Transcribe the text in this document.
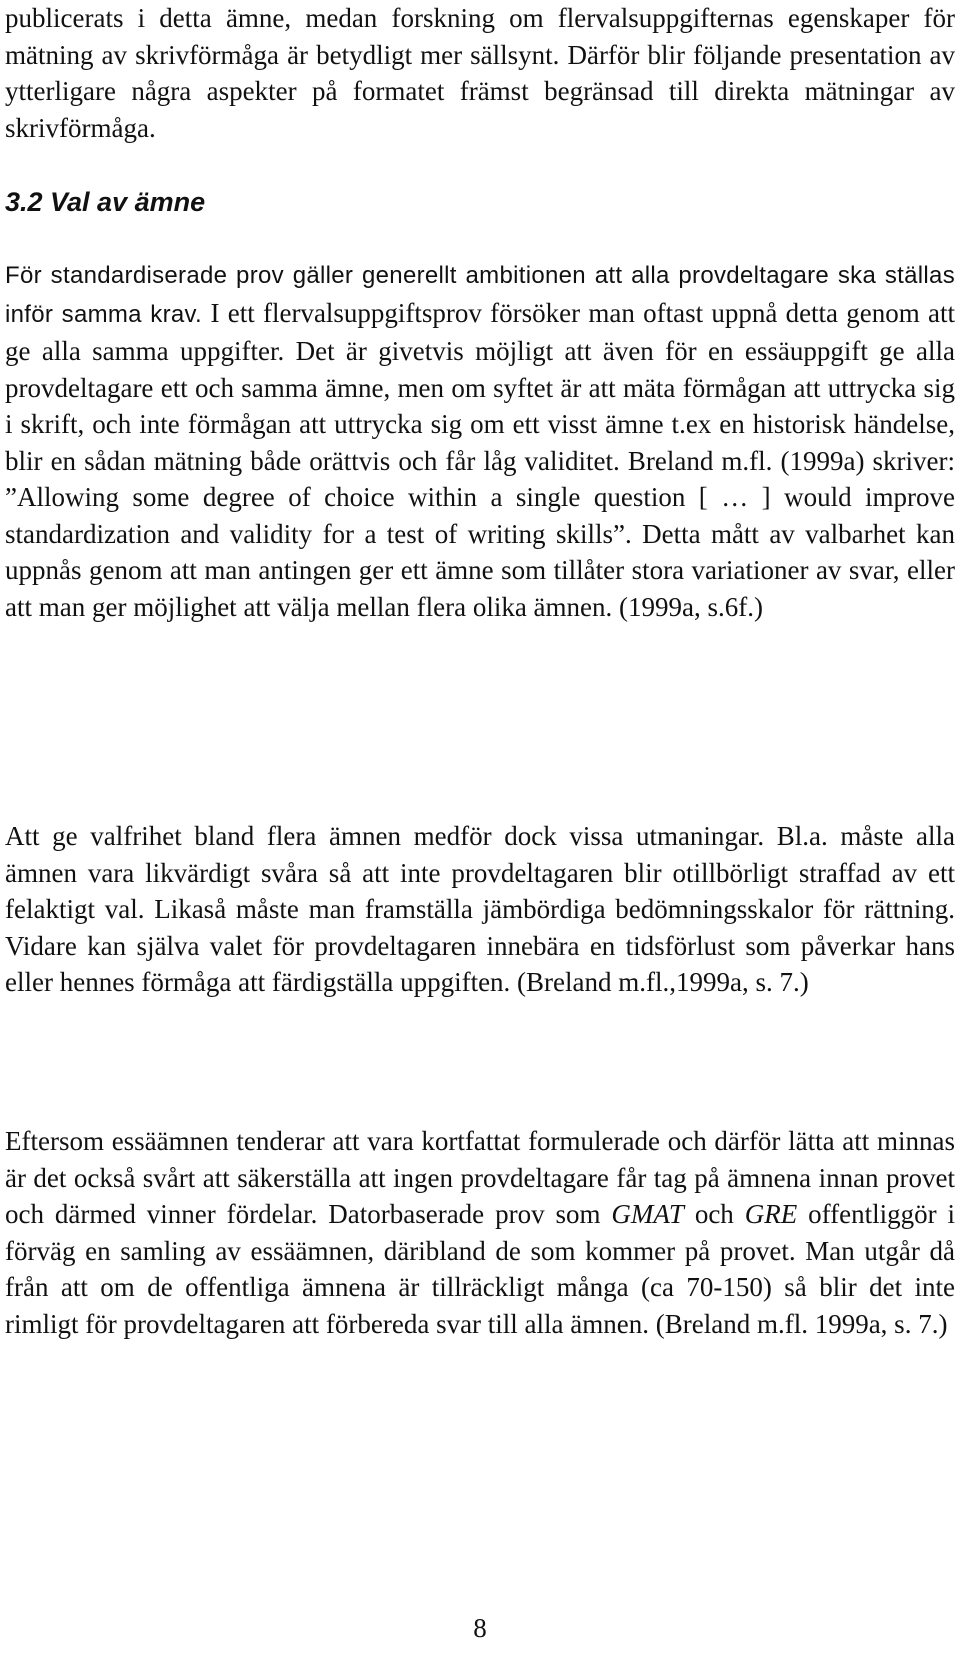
publicerats i detta ämne, medan forskning om flervalsuppgifternas egenskaper för mätning av skrivförmåga är betydligt mer sällsynt. Därför blir följande presentation av ytterligare några aspekter på formatet främst begränsad till direkta mätningar av skrivförmåga.
3.2 Val av ämne
För standardiserade prov gäller generellt ambitionen att alla provdeltagare ska ställas inför samma krav. I ett flervalsuppgiftsprov försöker man oftast uppnå detta genom att ge alla samma uppgifter. Det är givetvis möjligt att även för en essäuppgift ge alla provdeltagare ett och samma ämne, men om syftet är att mäta förmågan att uttrycka sig i skrift, och inte förmågan att uttrycka sig om ett visst ämne t.ex en historisk händelse, blir en sådan mätning både orättvis och får låg validitet. Breland m.fl. (1999a) skriver: ”Allowing some degree of choice within a single question [ … ] would improve standardization and validity for a test of writing skills”. Detta mått av valbarhet kan uppnås genom att man antingen ger ett ämne som tillåter stora variationer av svar, eller att man ger möjlighet att välja mellan flera olika ämnen. (1999a, s.6f.)
Att ge valfrihet bland flera ämnen medför dock vissa utmaningar. Bl.a. måste alla ämnen vara likvärdigt svåra så att inte provdeltagaren blir otillbörligt straffad av ett felaktigt val. Likaså måste man framställa jämbördiga bedömningsskalor för rättning. Vidare kan själva valet för provdeltagaren innebära en tidsförlust som påverkar hans eller hennes förmåga att färdigställa uppgiften. (Breland m.fl.,1999a, s. 7.)
Eftersom essäämnen tenderar att vara kortfattat formulerade och därför lätta att minnas är det också svårt att säkerställa att ingen provdeltagare får tag på ämnena innan provet och därmed vinner fördelar. Datorbaserade prov som GMAT och GRE offentliggör i förväg en samling av essäämnen, däribland de som kommer på provet. Man utgår då från att om de offentliga ämnena är tillräckligt många (ca 70-150) så blir det inte rimligt för provdeltagaren att förbereda svar till alla ämnen. (Breland m.fl. 1999a, s. 7.)
8
